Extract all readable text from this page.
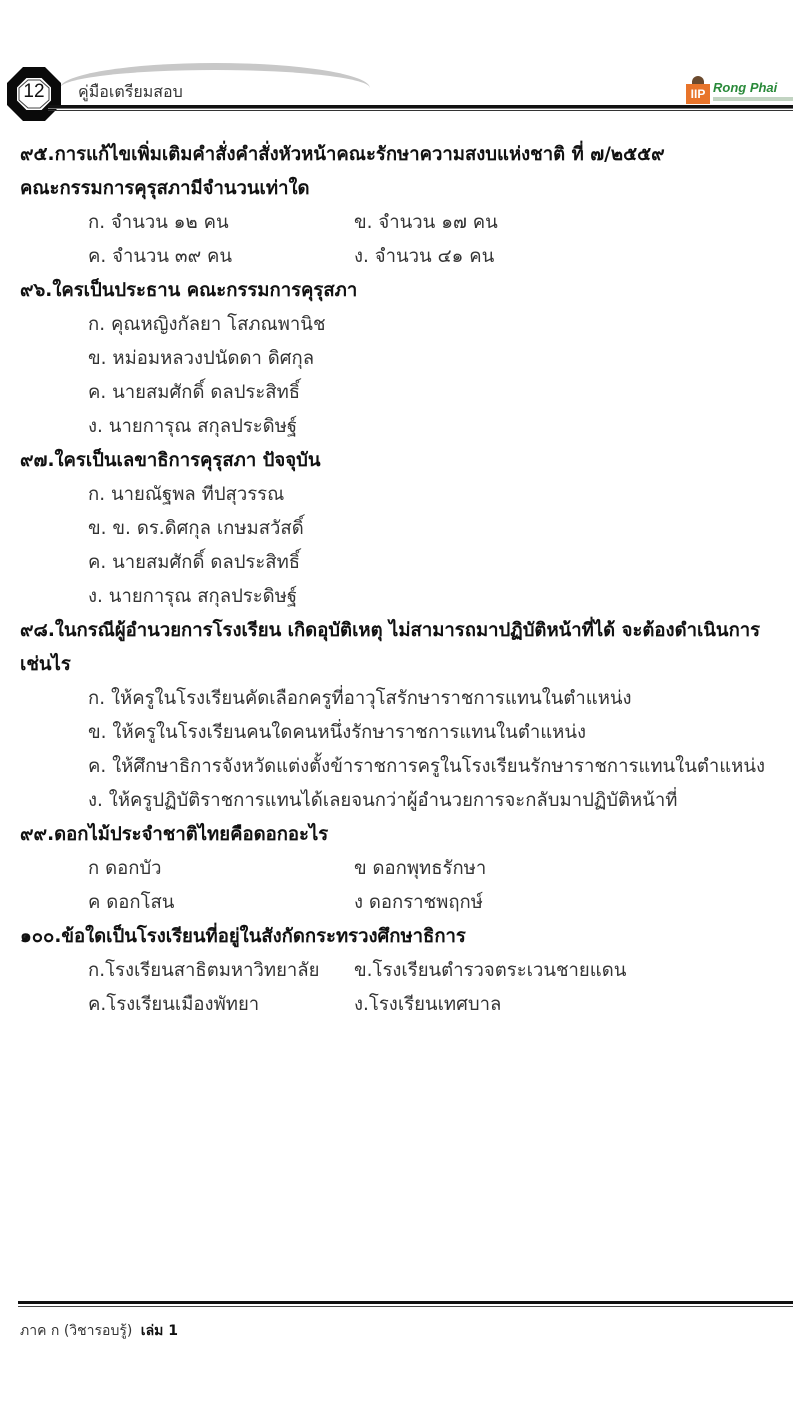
12	คู่มือเตรียมสอบ	IIP Rong Phai
๙๕.การแก้ไขเพิ่มเติมคำสั่งคำสั่งหัวหน้าคณะรักษาความสงบแห่งชาติ ที่ ๗/๒๕๕๙
คณะกรรมการคุรุสภามีจำนวนเท่าใด
ก. จำนวน ๑๒ คน	ข. จำนวน ๑๗ คน
ค. จำนวน ๓๙ คน	ง. จำนวน ๔๑ คน
๙๖.ใครเป็นประธาน คณะกรรมการคุรุสภา
ก. คุณหญิงกัลยา โสภณพานิช
ข. หม่อมหลวงปนัดดา ดิศกุล
ค. นายสมศักดิ์ ดลประสิทธิ์
ง. นายการุณ สกุลประดิษฐ์
๙๗.ใครเป็นเลขาธิการคุรุสภา ปัจจุบัน
ก. นายณัฐพล ทีปสุวรรณ
ข. ข. ดร.ดิศกุล เกษมสวัสดิ์
ค. นายสมศักดิ์ ดลประสิทธิ์
ง. นายการุณ สกุลประดิษฐ์
๙๘.ในกรณีผู้อำนวยการโรงเรียน เกิดอุบัติเหตุ ไม่สามารถมาปฏิบัติหน้าที่ได้ จะต้องดำเนินการ
เช่นไร
ก. ให้ครูในโรงเรียนคัดเลือกครูที่อาวุโสรักษาราชการแทนในตำแหน่ง
ข. ให้ครูในโรงเรียนคนใดคนหนึ่งรักษาราชการแทนในตำแหน่ง
ค. ให้ศึกษาธิการจังหวัดแต่งตั้งข้าราชการครูในโรงเรียนรักษาราชการแทนในตำแหน่ง
ง. ให้ครูปฏิบัติราชการแทนได้เลยจนกว่าผู้อำนวยการจะกลับมาปฏิบัติหน้าที่
๙๙.ดอกไม้ประจำชาติไทยคือดอกอะไร
ก ดอกบัว	ข ดอกพุทธรักษา
ค ดอกโสน	ง ดอกราชพฤกษ์
๑๐๐.ข้อใดเป็นโรงเรียนที่อยู่ในสังกัดกระทรวงศึกษาธิการ
ก.โรงเรียนสาธิตมหาวิทยาลัย	ข.โรงเรียนตำรวจตระเวนชายแดน
ค.โรงเรียนเมืองพัทยา	ง.โรงเรียนเทศบาล
ภาค ก (วิชารอบรู้) เล่ม 1
